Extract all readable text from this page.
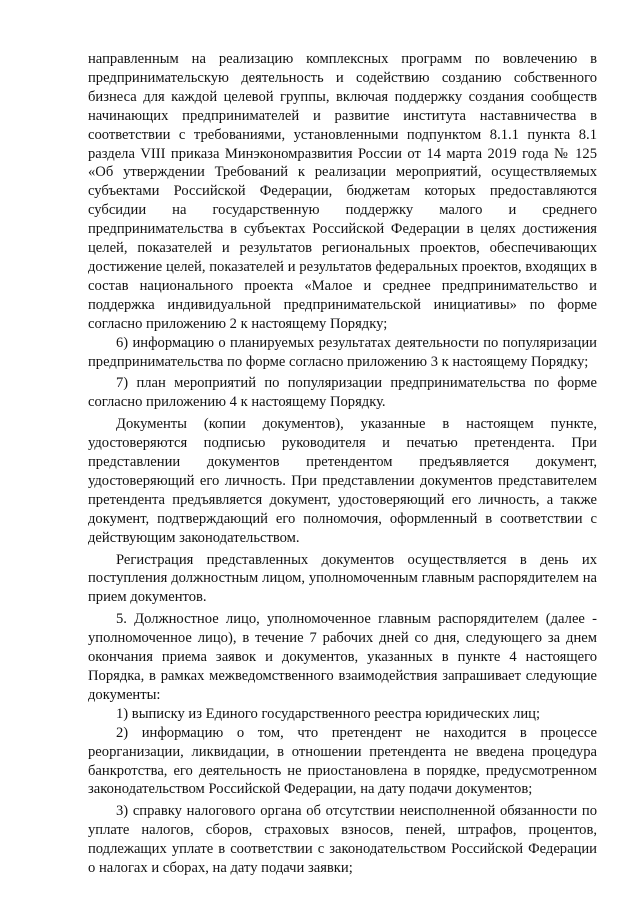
направленным на реализацию комплексных программ по вовлечению в предпринимательскую деятельность и содействию созданию собственного бизнеса для каждой целевой группы, включая поддержку создания сообществ начинающих предпринимателей и развитие института наставничества в соответствии с требованиями, установленными подпунктом 8.1.1 пункта 8.1 раздела VIII приказа Минэкономразвития России от 14 марта 2019 года № 125 «Об утверждении Требований к реализации мероприятий, осуществляемых субъектами Российской Федерации, бюджетам которых предоставляются субсидии на государственную поддержку малого и среднего предпринимательства в субъектах Российской Федерации в целях достижения целей, показателей и результатов региональных проектов, обеспечивающих достижение целей, показателей и результатов федеральных проектов, входящих в состав национального проекта «Малое и среднее предпринимательство и поддержка индивидуальной предпринимательской инициативы» по форме согласно приложению 2 к настоящему Порядку;

6) информацию о планируемых результатах деятельности по популяризации предпринимательства по форме согласно приложению 3 к настоящему Порядку;

7) план мероприятий по популяризации предпринимательства по форме согласно приложению 4 к настоящему Порядку.

Документы (копии документов), указанные в настоящем пункте, удостоверяются подписью руководителя и печатью претендента. При представлении документов претендентом предъявляется документ, удостоверяющий его личность. При представлении документов представителем претендента предъявляется документ, удостоверяющий его личность, а также документ, подтверждающий его полномочия, оформленный в соответствии с действующим законодательством.

Регистрация представленных документов осуществляется в день их поступления должностным лицом, уполномоченным главным распорядителем на прием документов.

5. Должностное лицо, уполномоченное главным распорядителем (далее - уполномоченное лицо), в течение 7 рабочих дней со дня, следующего за днем окончания приема заявок и документов, указанных в пункте 4 настоящего Порядка, в рамках межведомственного взаимодействия запрашивает следующие документы:

1) выписку из Единого государственного реестра юридических лиц;

2) информацию о том, что претендент не находится в процессе реорганизации, ликвидации, в отношении претендента не введена процедура банкротства, его деятельность не приостановлена в порядке, предусмотренном законодательством Российской Федерации, на дату подачи документов;

3) справку налогового органа об отсутствии неисполненной обязанности по уплате налогов, сборов, страховых взносов, пеней, штрафов, процентов, подлежащих уплате в соответствии с законодательством Российской Федерации о налогах и сборах, на дату подачи заявки;
